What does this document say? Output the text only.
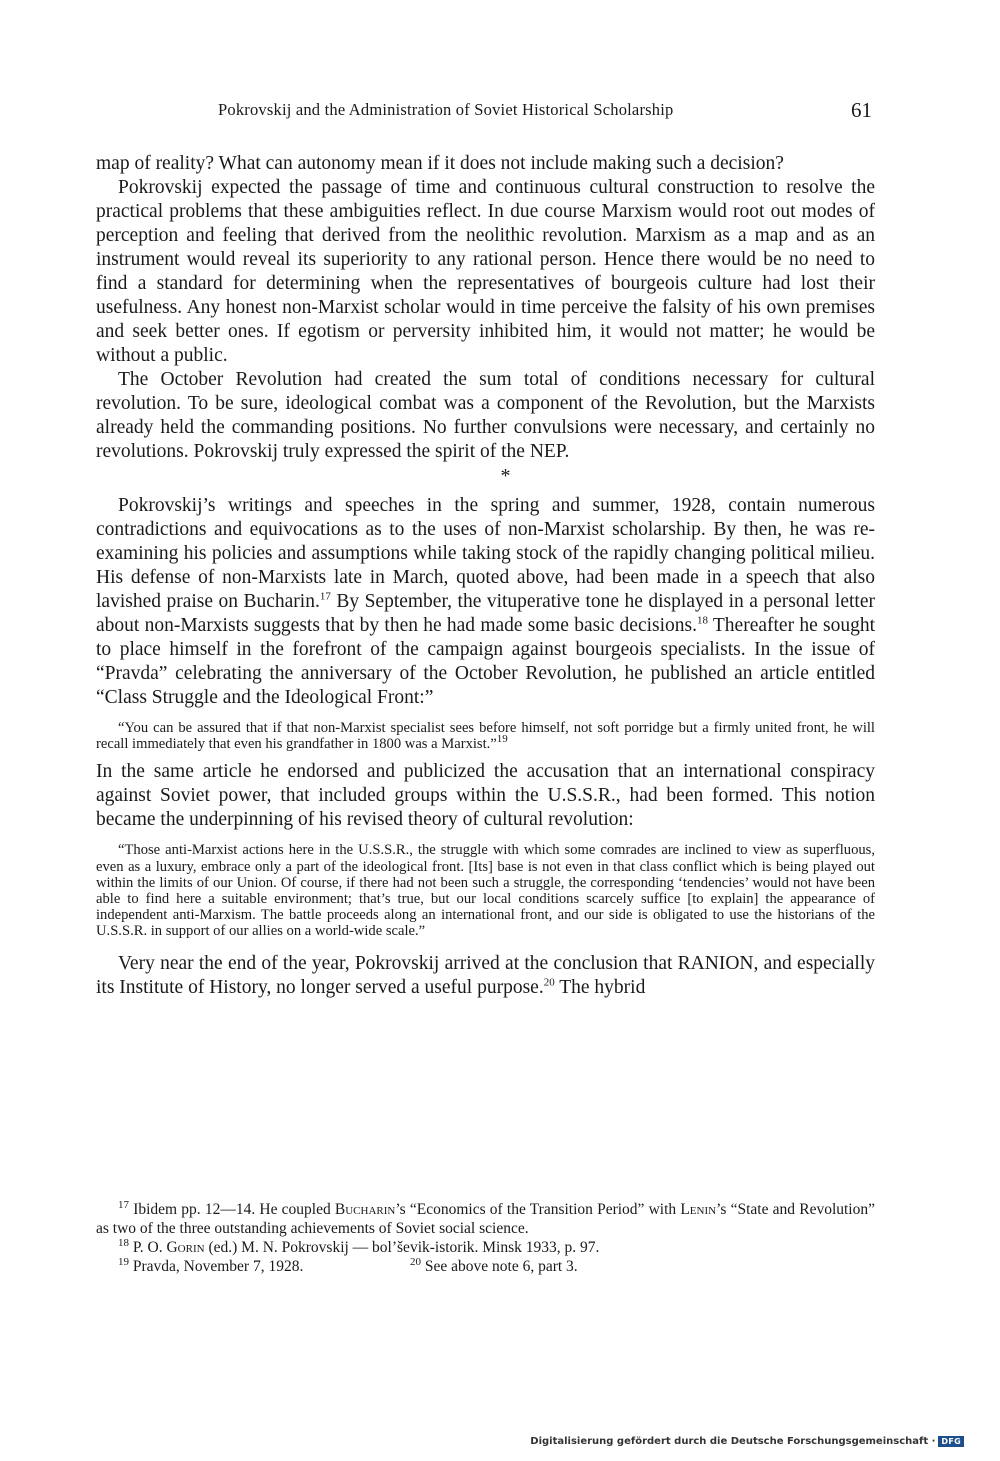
Pokrovskij and the Administration of Soviet Historical Scholarship	61

map of reality? What can autonomy mean if it does not include making such a decision?

Pokrovskij expected the passage of time and continuous cultural construction to resolve the practical problems that these ambiguities reflect. In due course Marxism would root out modes of perception and feeling that derived from the neolithic revolution. Marxism as a map and as an instrument would reveal its superiority to any rational person. Hence there would be no need to find a standard for determining when the representatives of bourgeois culture had lost their usefulness. Any honest non-Marxist scholar would in time perceive the falsity of his own premises and seek better ones. If egotism or perversity inhibited him, it would not matter; he would be without a public.

The October Revolution had created the sum total of conditions necessary for cultural revolution. To be sure, ideological combat was a component of the Revolution, but the Marxists already held the commanding positions. No further convulsions were necessary, and certainly no revolutions. Pokrovskij truly expressed the spirit of the NEP.

*

Pokrovskij’s writings and speeches in the spring and summer, 1928, contain numerous contradictions and equivocations as to the uses of non-Marxist scholarship. By then, he was re-examining his policies and assumptions while taking stock of the rapidly changing political milieu. His defense of non-Marxists late in March, quoted above, had been made in a speech that also lavished praise on Bucharin.$^{17}$ By September, the vituperative tone he displayed in a personal letter about non-Marxists suggests that by then he had made some basic decisions.$^{18}$ Thereafter he sought to place himself in the forefront of the campaign against bourgeois specialists. In the issue of “Pravda” celebrating the anniversary of the October Revolution, he published an article entitled “Class Struggle and the Ideological Front:”

“You can be assured that if that non-Marxist specialist sees before himself, not soft porridge but a firmly united front, he will recall immediately that even his grandfather in 1800 was a Marxist.”$^{19}$

In the same article he endorsed and publicized the accusation that an international conspiracy against Soviet power, that included groups within the U.S.S.R., had been formed. This notion became the underpinning of his revised theory of cultural revolution:

“Those anti-Marxist actions here in the U.S.S.R., the struggle with which some comrades are inclined to view as superfluous, even as a luxury, embrace only a part of the ideological front. [Its] base is not even in that class conflict which is being played out within the limits of our Union. Of course, if there had not been such a struggle, the corresponding ‘tendencies’ would not have been able to find here a suitable environment; that’s true, but our local conditions scarcely suffice [to explain] the appearance of independent anti-Marxism. The battle proceeds along an international front, and our side is obligated to use the historians of the U.S.S.R. in support of our allies on a world-wide scale.”

Very near the end of the year, Pokrovskij arrived at the conclusion that RANION, and especially its Institute of History, no longer served a useful purpose.$^{20}$ The hybrid

$^{17}$ Ibidem pp. 12—14. He coupled Bucharin’s “Economics of the Transition Period” with Lenin’s “State and Revolution” as two of the three outstanding achievements of Soviet social science.

$^{18}$ P. O. Gorin (ed.) M. N. Pokrovskij — bol’ševik-istorik. Minsk 1933, p. 97.

$^{19}$ Pravda, November 7, 1928.	$^{20}$ See above note 6, part 3.
Digitalisierung gefördert durch die Deutsche Forschungsgemeinschaft · DFG
